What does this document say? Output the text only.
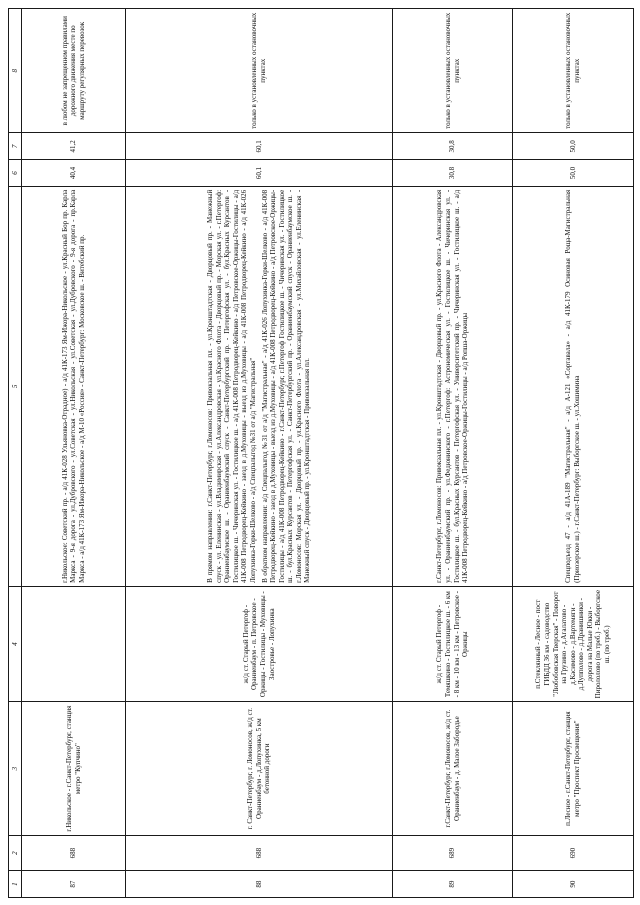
1	2	3	4	5	6	7	8
87	688	г.Никольское - г.Санкт-Петербург, станция метро "Купчино"		г.Никольское: Советский пр. - а/д 41К-028 Ульяновка-Отрадное) - а/д 41К-173 Ям-Ижора-Никольское - ул.Красный Бор пр. Карла Маркса - 9-я дорога - ул.Дубровского - ул.Советская - ул.Никольская - ул.Советская - ул.Дубровского - 9-я дорога - пр.Карла Маркса - а/д 41К-173 Ям-Ижора-Никольское - а/д М-10 «Россия» - Санкт-Петербург: Московское ш. - Витебский пр.	40,4	41,2	в любом не запрещенном правилами дорожного движения месте по маршруту регулярных перевозок
88	688	г. Санкт-Петербург, г. Ломоносов, ж/д ст. Ораниенбаум - д.Лопухинка, 5 км бетонной дороги	ж/д ст. Старый Петергоф - Ораниенбаум - п. Петровское - Оржицы - Гостилицы - Муховицы - Заостровье - Лопухинка	В прямом направлении: г.Санкт-Петербург, г.Ломоносов: Привокзальная пл. - ул.Кронштадтская - Дворцовый пр. - Манежный спуск - ул. Еленинская - ул.Владимирская - ул.Александровская - ул.Красного Флота - Дворцовый пр. - Морская ул. - г.Петергоф: Ораниенбаумское ш. - Ораниенбаумский спуск - Санкт-Петербургский пр. - Петергофская ул. - бул.Красных Курсантов - Гостилицкое ш. - Чичеринская ул. - Гостилицкое ш. - а/д 41К-008 Петродворец-Кейкино - а/д Петровское-Оржицы-Гостилицы - а/д 41К-008 Петродворец-Кейкино - заезд в д.Муховицы - выезд из д.Муховицы - а/д 41К-008 Петродворец-Кейкино - а/д 41К-026 Лопухинка-Горки-Шелково - а/д Спецпалыгод №31 от а/д "Магистральная" В обратном направлении: а/д Спецпалыгод №31 от а/д "Магистральная" - а/д 41К-026 Лопухинка-Горки-Шелково - а/д 41К-008 Петродворец-Кейкино - заезд в д.Муховицы - выезд из д.Муховицы - а/д 41К-008 Петродворец-Кейкино - а/д Петровское-Оржицы-Гостилицы - а/д 41К-008 Петродворец-Кейкино - г.Санкт-Петербург, г.Петергоф Гостилицкое ш. - Чичеринская ул. - Гостилицкое ш. - бул.Красных Курсантов - Петергофская ул. - Санкт-Петербургский пр. - Ораниенбаумский спуск - Ораниенбаумское ш. - г.Ломоносов: Морская ул. - Дворцовый пр. - ул.Красного Флота - ул.Александровская - ул.Михайловская - ул.Еленинская - Манежный спуск - Дворцовый пр. - ул.Кронштадтская - Привокзальная пл.	60,1	60,1	только в установленных остановочных пунктах
89	689	г.Санкт-Петербург, г.Ломоносов, ж/д ст. Ораниенбаум - д. Малое Забородье	ж/д ст. Старый Петергоф - Темяшкино - Гостилицкое ш. - 6 км - 8 км - 10 км - 13 км - Петровское - Оржицы	г.Санкт-Петербург, г.Ломоносов: Привокзальная пл. - ул.Кронштадтская - Дворцовый пр. - ул.Красного Флота - Александровская ул. - Ораниенбаумский пр. - ул.Федюнинского - г.Петергоф: Астрономическая ул. - Гостилицкое ш. - Чичеринская ул. - Гостилицкое ш. - бул.Красных Курсантов - Петергофская ул. - Университетский пр. - Чичеринская ул. - Гостилицкое ш. - а/д 41К-008 Петродворец-Кейкино - а/д Петровское-Оржицы-Гостилицы - а/д Ропша-Оржицы	30,8	30,8	только в установленных остановочных пунктах
90	690	п.Лесное - г.Санкт-Петербург, станция метро "Проспект Просвещения"	п.Стеклянный - Лесное - пост ГИБДД 36 км - садоводство "Любобовская Тверская" - Поворот на Грузино - д.Агалатово - д.Касимово - д.Вартемяги - д.Лупполово - д.Дранишники - дорога на Малые Юкки - Пирололово (по треб.) - Выборгское ш. (по треб.)	Спецподъезд 47 - а/д 41А-189 "Магистральная" - а/д А-121 «Сортавала» - а/д 41К-179 Осиновая Роща-Магистральная (Приозерское ш.) - г.Санкт-Петербург: Выборгское ш. - ул.Хошимина	50,0	50,0	только в установленных остановочных пунктах
